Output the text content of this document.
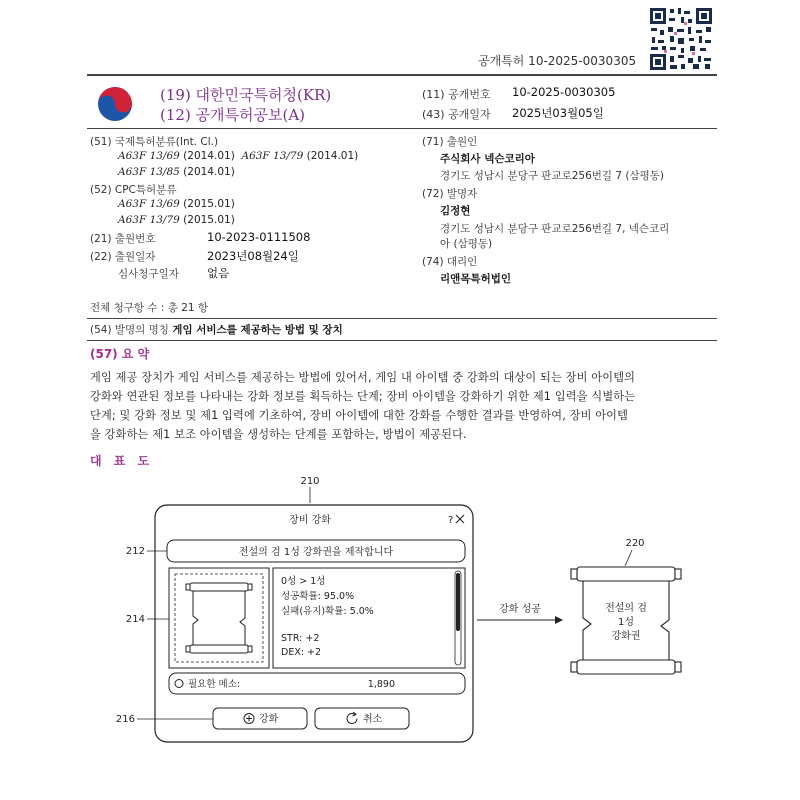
공개특허 10-2025-0030305
(19) 대한민국특허청(KR)
(12) 공개특허공보(A)
(11) 공개번호 10-2025-0030305
(43) 공개일자 2025년03월05일
(51) 국제특허분류(Int. Cl.)
A63F 13/69 (2014.01) A63F 13/79 (2014.01)
A63F 13/85 (2014.01)
(52) CPC특허분류
A63F 13/69 (2015.01)
A63F 13/79 (2015.01)
(21) 출원번호	10-2023-0111508
(22) 출원일자	2023년08월24일
심사청구일자 없음
(71) 출원인
주식회사 넥슨코리아
경기도 성남시 분당구 판교로256번길 7 (삼평동)
(72) 발명자
김정현
경기도 성남시 분당구 판교로256번길 7, 넥슨코리
아 (삼평동)
(74) 대리인
리앤목특허법인
전체 청구항 수 : 총 21 항
(54) 발명의 명칭 게임 서비스를 제공하는 방법 및 장치
(57) 요 약
게임 제공 장치가 게임 서비스를 제공하는 방법에 있어서, 게임 내 아이템 중 강화의 대상이 되는 장비 아이템의
강화와 연관된 정보를 나타내는 강화 정보를 획득하는 단계; 장비 아이템을 강화하기 위한 제1 입력을 식별하는
단계; 및 강화 정보 및 제1 입력에 기초하여, 장비 아이템에 대한 강화를 수행한 결과를 반영하여, 장비 아이템
을 강화하는 제1 보조 아이템을 생성하는 단계를 포함하는, 방법이 제공된다.
대 표 도
210
장비 강화	?
212	전설의 검 1성 강화권을 제작합니다
214
0성 > 1성
성공확률: 95.0%
실패(유지)확률: 5.0%
STR: +2
DEX: +2
필요한 메소:	1,890
216	강화	취소
강화 성공
220
전설의 검
1성
강화권
